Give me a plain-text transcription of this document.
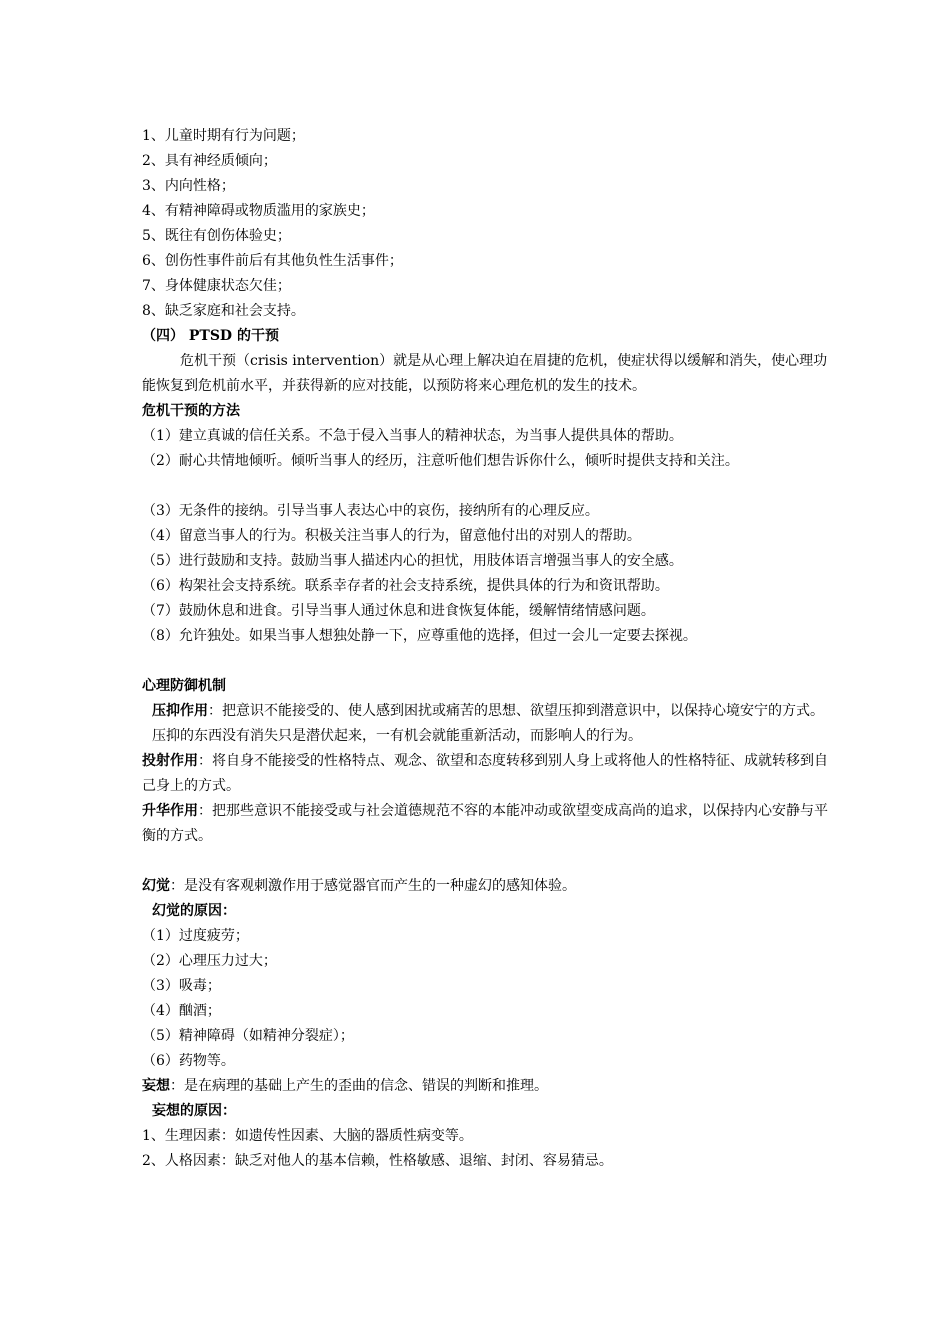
1、儿童时期有行为问题；
2、具有神经质倾向；
3、内向性格；
4、有精神障碍或物质滥用的家族史；
5、既往有创伤体验史；
6、创伤性事件前后有其他负性生活事件；
7、身体健康状态欠佳；
8、缺乏家庭和社会支持。
（四） PTSD 的干预
危机干预（crisis intervention）就是从心理上解决迫在眉捷的危机，使症状得以缓解和消失，使心理功能恢复到危机前水平，并获得新的应对技能，以预防将来心理危机的发生的技术。
危机干预的方法
（1）建立真诚的信任关系。不急于侵入当事人的精神状态，为当事人提供具体的帮助。
（2）耐心共情地倾听。倾听当事人的经历，注意听他们想告诉你什么，倾听时提供支持和关注。
（3）无条件的接纳。引导当事人表达心中的哀伤，接纳所有的心理反应。
（4）留意当事人的行为。积极关注当事人的行为，留意他付出的对别人的帮助。
（5）进行鼓励和支持。鼓励当事人描述内心的担忧，用肢体语言增强当事人的安全感。
（6）构架社会支持系统。联系幸存者的社会支持系统，提供具体的行为和资讯帮助。
（7）鼓励休息和进食。引导当事人通过休息和进食恢复体能，缓解情绪情感问题。
（8）允许独处。如果当事人想独处静一下，应尊重他的选择，但过一会儿一定要去探视。
心理防御机制
压抑作用：把意识不能接受的、使人感到困扰或痛苦的思想、欲望压抑到潜意识中，以保持心境安宁的方式。
压抑的东西没有消失只是潜伏起来，一有机会就能重新活动，而影响人的行为。
投射作用：将自身不能接受的性格特点、观念、欲望和态度转移到别人身上或将他人的性格特征、成就转移到自己身上的方式。
升华作用：把那些意识不能接受或与社会道德规范不容的本能冲动或欲望变成高尚的追求，以保持内心安静与平衡的方式。
幻觉：是没有客观刺激作用于感觉器官而产生的一种虚幻的感知体验。
幻觉的原因：
（1）过度疲劳；
（2）心理压力过大；
（3）吸毒；
（4）酗酒；
（5）精神障碍（如精神分裂症）；
（6）药物等。
妄想：是在病理的基础上产生的歪曲的信念、错误的判断和推理。
妄想的原因：
1、生理因素：如遗传性因素、大脑的器质性病变等。
2、人格因素：缺乏对他人的基本信赖，性格敏感、退缩、封闭、容易猜忌。
